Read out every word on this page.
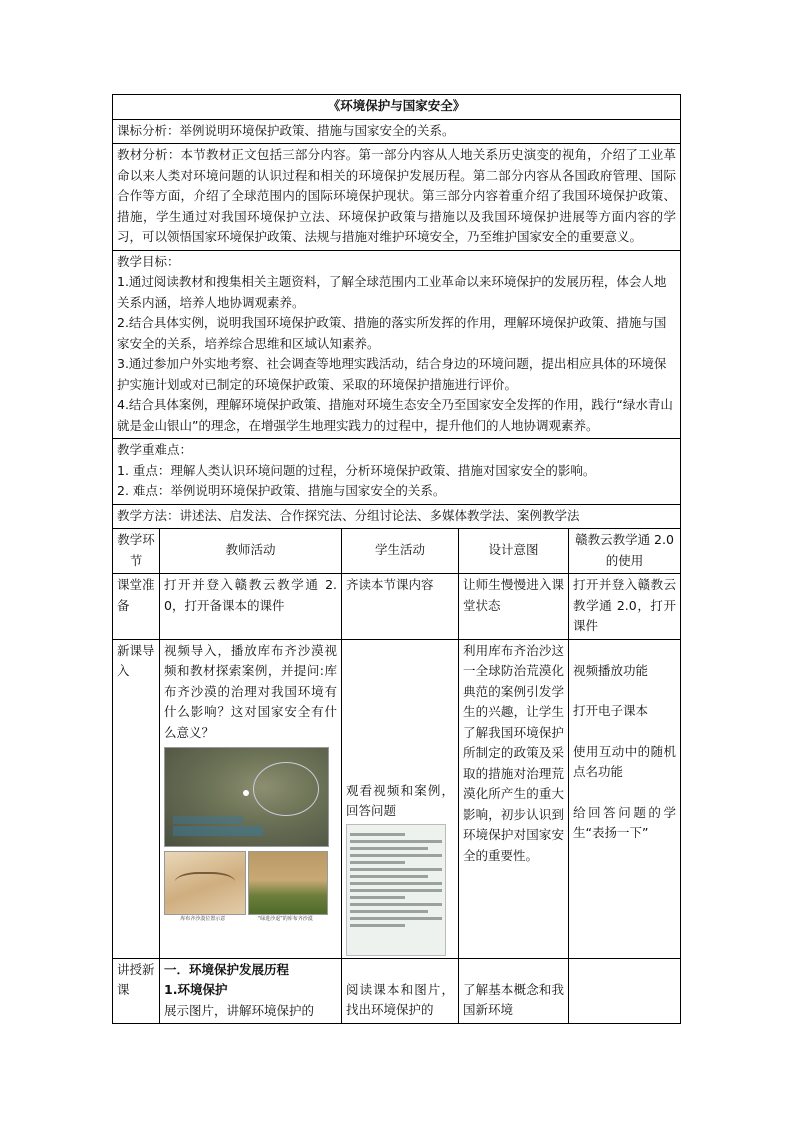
《环境保护与国家安全》				
课标分析：举例说明环境保护政策、措施与国家安全的关系。				
教材分析：本节教材正文包括三部分内容。第一部分内容从人地关系历史演变的视角，介绍了工业革命以来人类对环境问题的认识过程和相关的环境保护发展历程。第二部分内容从各国政府管理、国际合作等方面，介绍了全球范围内的国际环境保护现状。第三部分内容着重介绍了我国环境保护政策、措施，学生通过对我国环境保护立法、环境保护政策与措施以及我国环境保护进展等方面内容的学习，可以领悟国家环境保护政策、法规与措施对维护环境安全，乃至维护国家安全的重要意义。				

教学目标：
1.通过阅读教材和搜集相关主题资料，了解全球范围内工业革命以来环境保护的发展历程，体会人地关系内涵，培养人地协调观素养。
2.结合具体实例，说明我国环境保护政策、措施的落实所发挥的作用，理解环境保护政策、措施与国家安全的关系，培养综合思维和区域认知素养。
3.通过参加户外实地考察、社会调查等地理实践活动，结合身边的环境问题，提出相应具体的环境保护实施计划或对已制定的环境保护政策、采取的环境保护措施进行评价。
4.结合具体案例，理解环境保护政策、措施对环境生态安全乃至国家安全发挥的作用，践行“绿水青山就是金山银山”的理念，在增强学生地理实践力的过程中，提升他们的人地协调观素养。				

教学重难点：
1. 重点：理解人类认识环境问题的过程，分析环境保护政策、措施对国家安全的影响。
2. 难点：举例说明环境保护政策、措施与国家安全的关系。				

教学方法：讲述法、启发法、合作探究法、分组讨论法、多媒体教学法、案例教学法				
教学环节	教师活动	学生活动	设计意图	赣教云教学通 2.0 的使用
课堂准备	打开并登入赣教云教学通 2.0，打开备课本的课件	齐读本节课内容	让师生慢慢进入课堂状态	打开并登入赣教云教学通 2.0，打开课件
新课导入	视频导入，播放库布齐沙漠视频和教材探索案例，并提问:库布齐沙漠的治理对我国环境有什么影响？这对国家安全有什么意义？
库布齐沙漠位置示意 “绿进沙退”的库布齐沙漠	观看视频和案例，回答问题	利用库布齐治沙这一全球防治荒漠化典范的案例引发学生的兴趣，让学生了解我国环境保护所制定的政策及采取的措施对治理荒漠化所产生的重大影响，初步认识到环境保护对国家安全的重要性。	视频播放功能
打开电子课本
使用互动中的随机点名功能
给回答问题的学生“表扬一下”

讲授新课	一．环境保护发展历程
1.环境保护
展示图片，讲解环境保护的	阅读课本和图片，找出环境保护的	了解基本概念和我国新环境	
